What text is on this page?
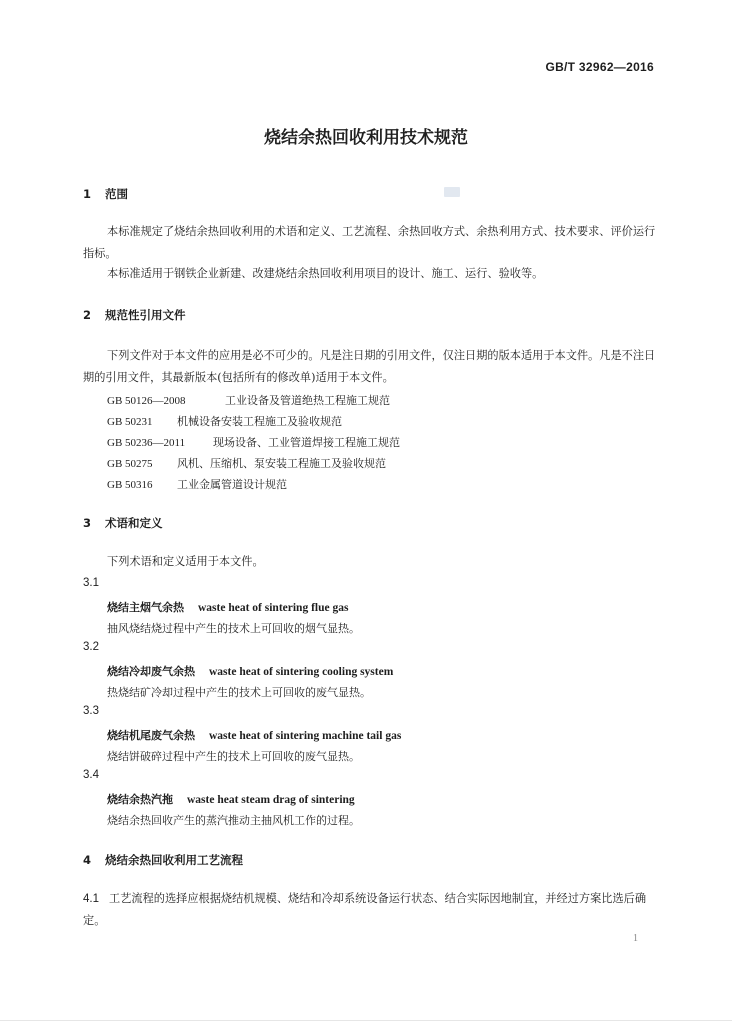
GB/T 32962—2016
烧结余热回收利用技术规范
1 范围
本标准规定了烧结余热回收利用的术语和定义、工艺流程、余热回收方式、余热利用方式、技术要求、评价运行指标。
本标准适用于钢铁企业新建、改建烧结余热回收利用项目的设计、施工、运行、验收等。
2 规范性引用文件
下列文件对于本文件的应用是必不可少的。凡是注日期的引用文件，仅注日期的版本适用于本文件。凡是不注日期的引用文件，其最新版本(包括所有的修改单)适用于本文件。
GB 50126—2008	工业设备及管道绝热工程施工规范
GB 50231 机械设备安装工程施工及验收规范
GB 50236—2011	现场设备、工业管道焊接工程施工规范
GB 50275 风机、压缩机、泵安装工程施工及验收规范
GB 50316 工业金属管道设计规范
3 术语和定义
下列术语和定义适用于本文件。
3.1
烧结主烟气余热 waste heat of sintering flue gas
抽风烧结烧过程中产生的技术上可回收的烟气显热。
3.2
烧结冷却废气余热 waste heat of sintering cooling system
热烧结矿冷却过程中产生的技术上可回收的废气显热。
3.3
烧结机尾废气余热 waste heat of sintering machine tail gas
烧结饼破碎过程中产生的技术上可回收的废气显热。
3.4
烧结余热汽拖 waste heat steam drag of sintering
烧结余热回收产生的蒸汽推动主抽风机工作的过程。
4 烧结余热回收利用工艺流程
4.1 工艺流程的选择应根据烧结机规模、烧结和冷却系统设备运行状态、结合实际因地制宜，并经过方案比选后确定。
1
